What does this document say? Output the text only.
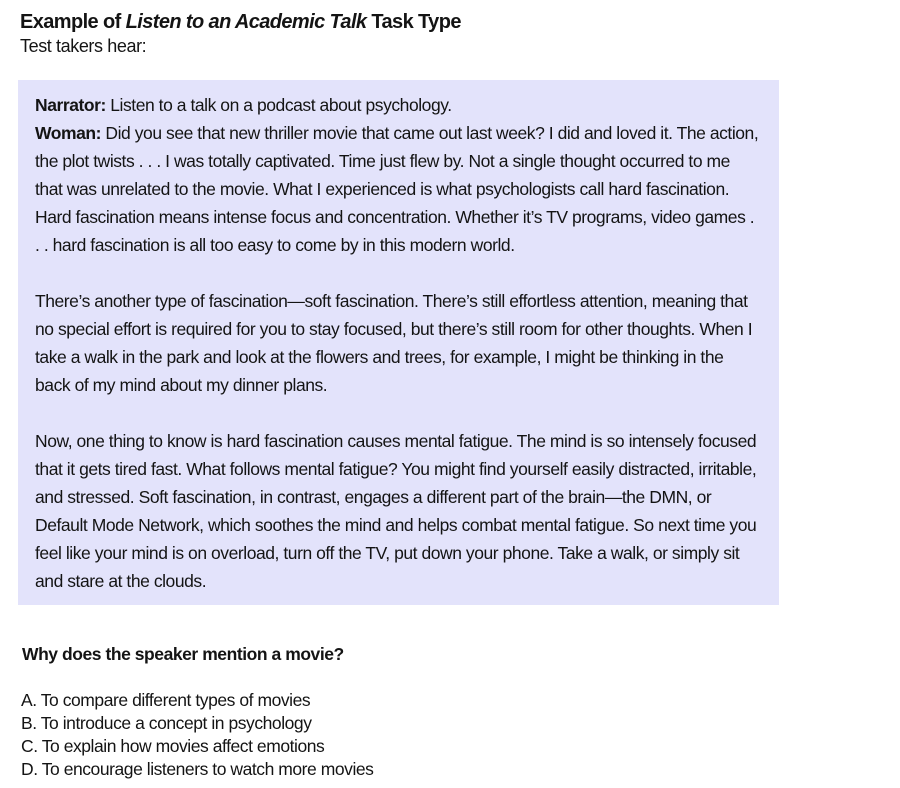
Example of Listen to an Academic Talk Task Type
Test takers hear:

Narrator: Listen to a talk on a podcast about psychology.

Woman: Did you see that new thriller movie that came out last week? I did and loved it. The action, the plot twists . . . I was totally captivated. Time just flew by. Not a single thought occurred to me that was unrelated to the movie. What I experienced is what psychologists call hard fascination. Hard fascination means intense focus and concentration. Whether it’s TV programs, video games . . . hard fascination is all too easy to come by in this modern world.

There’s another type of fascination—soft fascination. There’s still effortless attention, meaning that no special effort is required for you to stay focused, but there’s still room for other thoughts. When I take a walk in the park and look at the flowers and trees, for example, I might be thinking in the back of my mind about my dinner plans.

Now, one thing to know is hard fascination causes mental fatigue. The mind is so intensely focused that it gets tired fast. What follows mental fatigue? You might find yourself easily distracted, irritable, and stressed. Soft fascination, in contrast, engages a different part of the brain—the DMN, or Default Mode Network, which soothes the mind and helps combat mental fatigue. So next time you feel like your mind is on overload, turn off the TV, put down your phone. Take a walk, or simply sit and stare at the clouds.

Why does the speaker mention a movie?
A. To compare different types of movies
B. To introduce a concept in psychology
C. To explain how movies affect emotions
D. To encourage listeners to watch more movies
